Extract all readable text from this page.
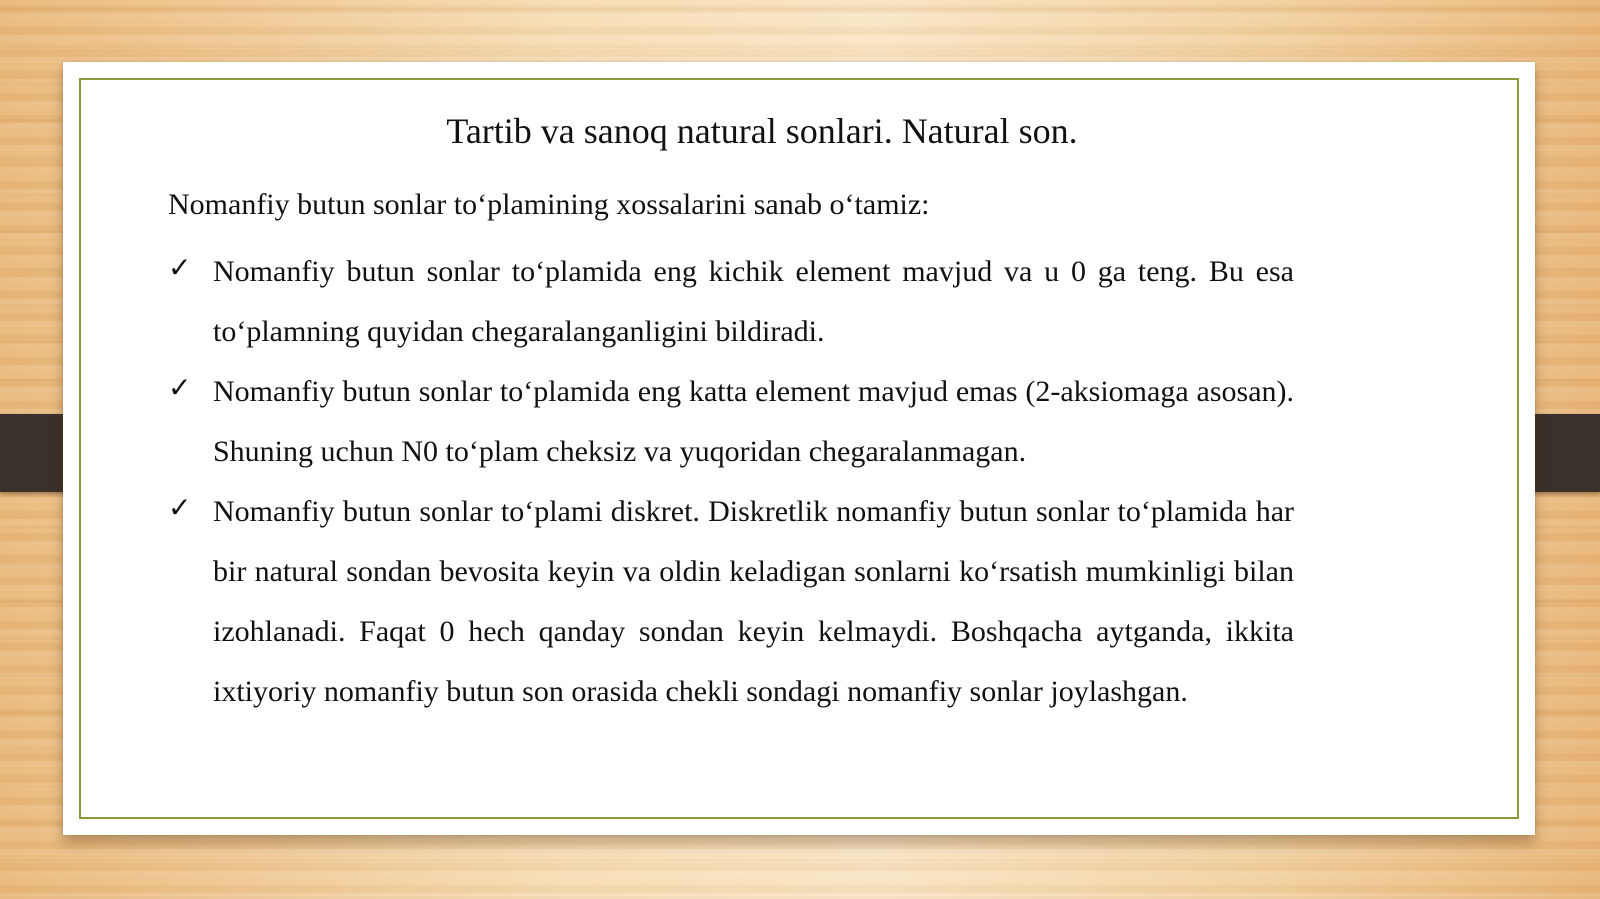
Tartib va sanoq natural sonlari. Natural son.

Nomanfiy butun sonlar to‘plamining xossalarini sanab o‘tamiz:

✓ Nomanfiy butun sonlar to‘plamida eng kichik element mavjud va u 0 ga teng. Bu esa to‘plamning quyidan chegaralanganligini bildiradi.
✓ Nomanfiy butun sonlar to‘plamida eng katta element mavjud emas (2-aksiomaga asosan). Shuning uchun N0 to‘plam cheksiz va yuqoridan chegaralanmagan.
✓ Nomanfiy butun sonlar to‘plami diskret. Diskretlik nomanfiy butun sonlar to‘plamida har bir natural sondan bevosita keyin va oldin keladigan sonlarni ko‘rsatish mumkinligi bilan izohlanadi. Faqat 0 hech qanday sondan keyin kelmaydi. Boshqacha aytganda, ikkita ixtiyoriy nomanfiy butun son orasida chekli sondagi nomanfiy sonlar joylashgan.
